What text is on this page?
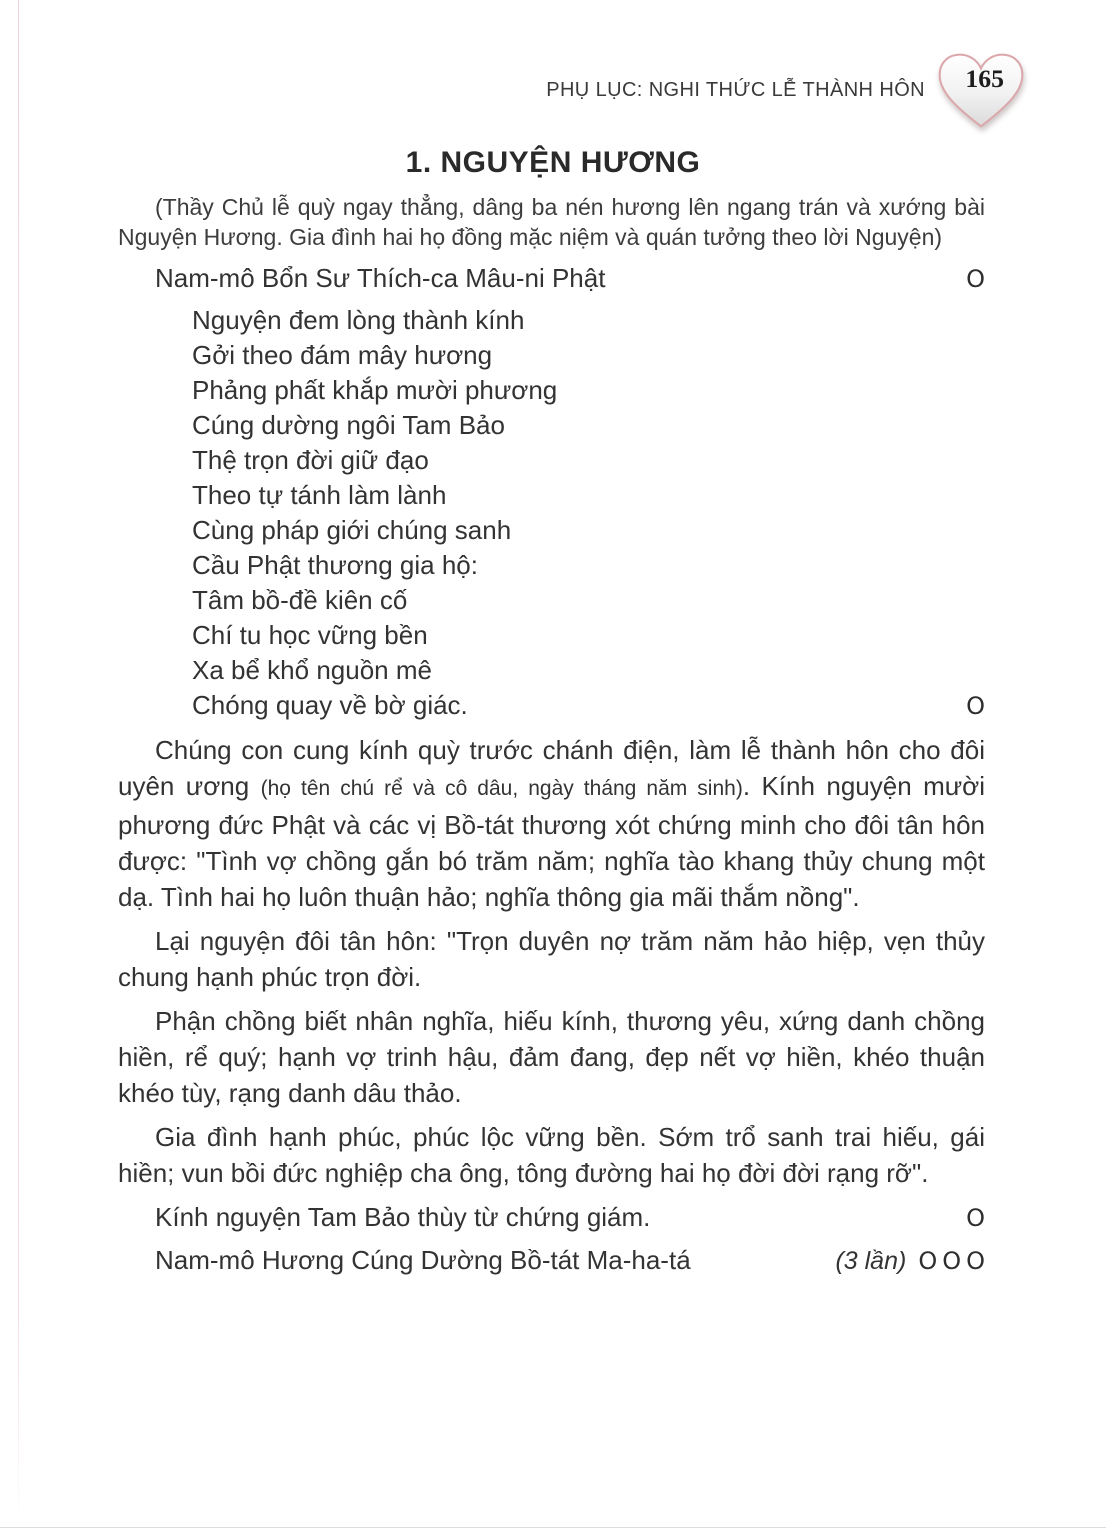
PHỤ LỤC: NGHI THỨC LỄ THÀNH HÔN 165
1. NGUYỆN HƯƠNG

(Thầy Chủ lễ quỳ ngay thẳng, dâng ba nén hương lên ngang trán và xướng bài Nguyện Hương. Gia đình hai họ đồng mặc niệm và quán tưởng theo lời Nguyện)

Nam-mô Bổn Sư Thích-ca Mâu-ni Phật	O
Nguyện đem lòng thành kính
Gởi theo đám mây hương
Phảng phất khắp mười phương
Cúng dường ngôi Tam Bảo
Thệ trọn đời giữ đạo
Theo tự tánh làm lành
Cùng pháp giới chúng sanh
Cầu Phật thương gia hộ:
Tâm bồ-đề kiên cố
Chí tu học vững bền
Xa bể khổ nguồn mê
Chóng quay về bờ giác.	O

Chúng con cung kính quỳ trước chánh điện, làm lễ thành hôn cho đôi uyên ương (họ tên chú rể và cô dâu, ngày tháng năm sinh). Kính nguyện mười phương đức Phật và các vị Bồ-tát thương xót chứng minh cho đôi tân hôn được: "Tình vợ chồng gắn bó trăm năm; nghĩa tào khang thủy chung một dạ. Tình hai họ luôn thuận hảo; nghĩa thông gia mãi thắm nồng".

Lại nguyện đôi tân hôn: "Trọn duyên nợ trăm năm hảo hiệp, vẹn thủy chung hạnh phúc trọn đời.

Phận chồng biết nhân nghĩa, hiếu kính, thương yêu, xứng danh chồng hiền, rể quý; hạnh vợ trinh hậu, đảm đang, đẹp nết vợ hiền, khéo thuận khéo tùy, rạng danh dâu thảo.

Gia đình hạnh phúc, phúc lộc vững bền. Sớm trổ sanh trai hiếu, gái hiền; vun bồi đức nghiệp cha ông, tông đường hai họ đời đời rạng rỡ".

Kính nguyện Tam Bảo thùy từ chứng giám.	O
Nam-mô Hương Cúng Dường Bồ-tát Ma-ha-tá	(3 lần) OOO
